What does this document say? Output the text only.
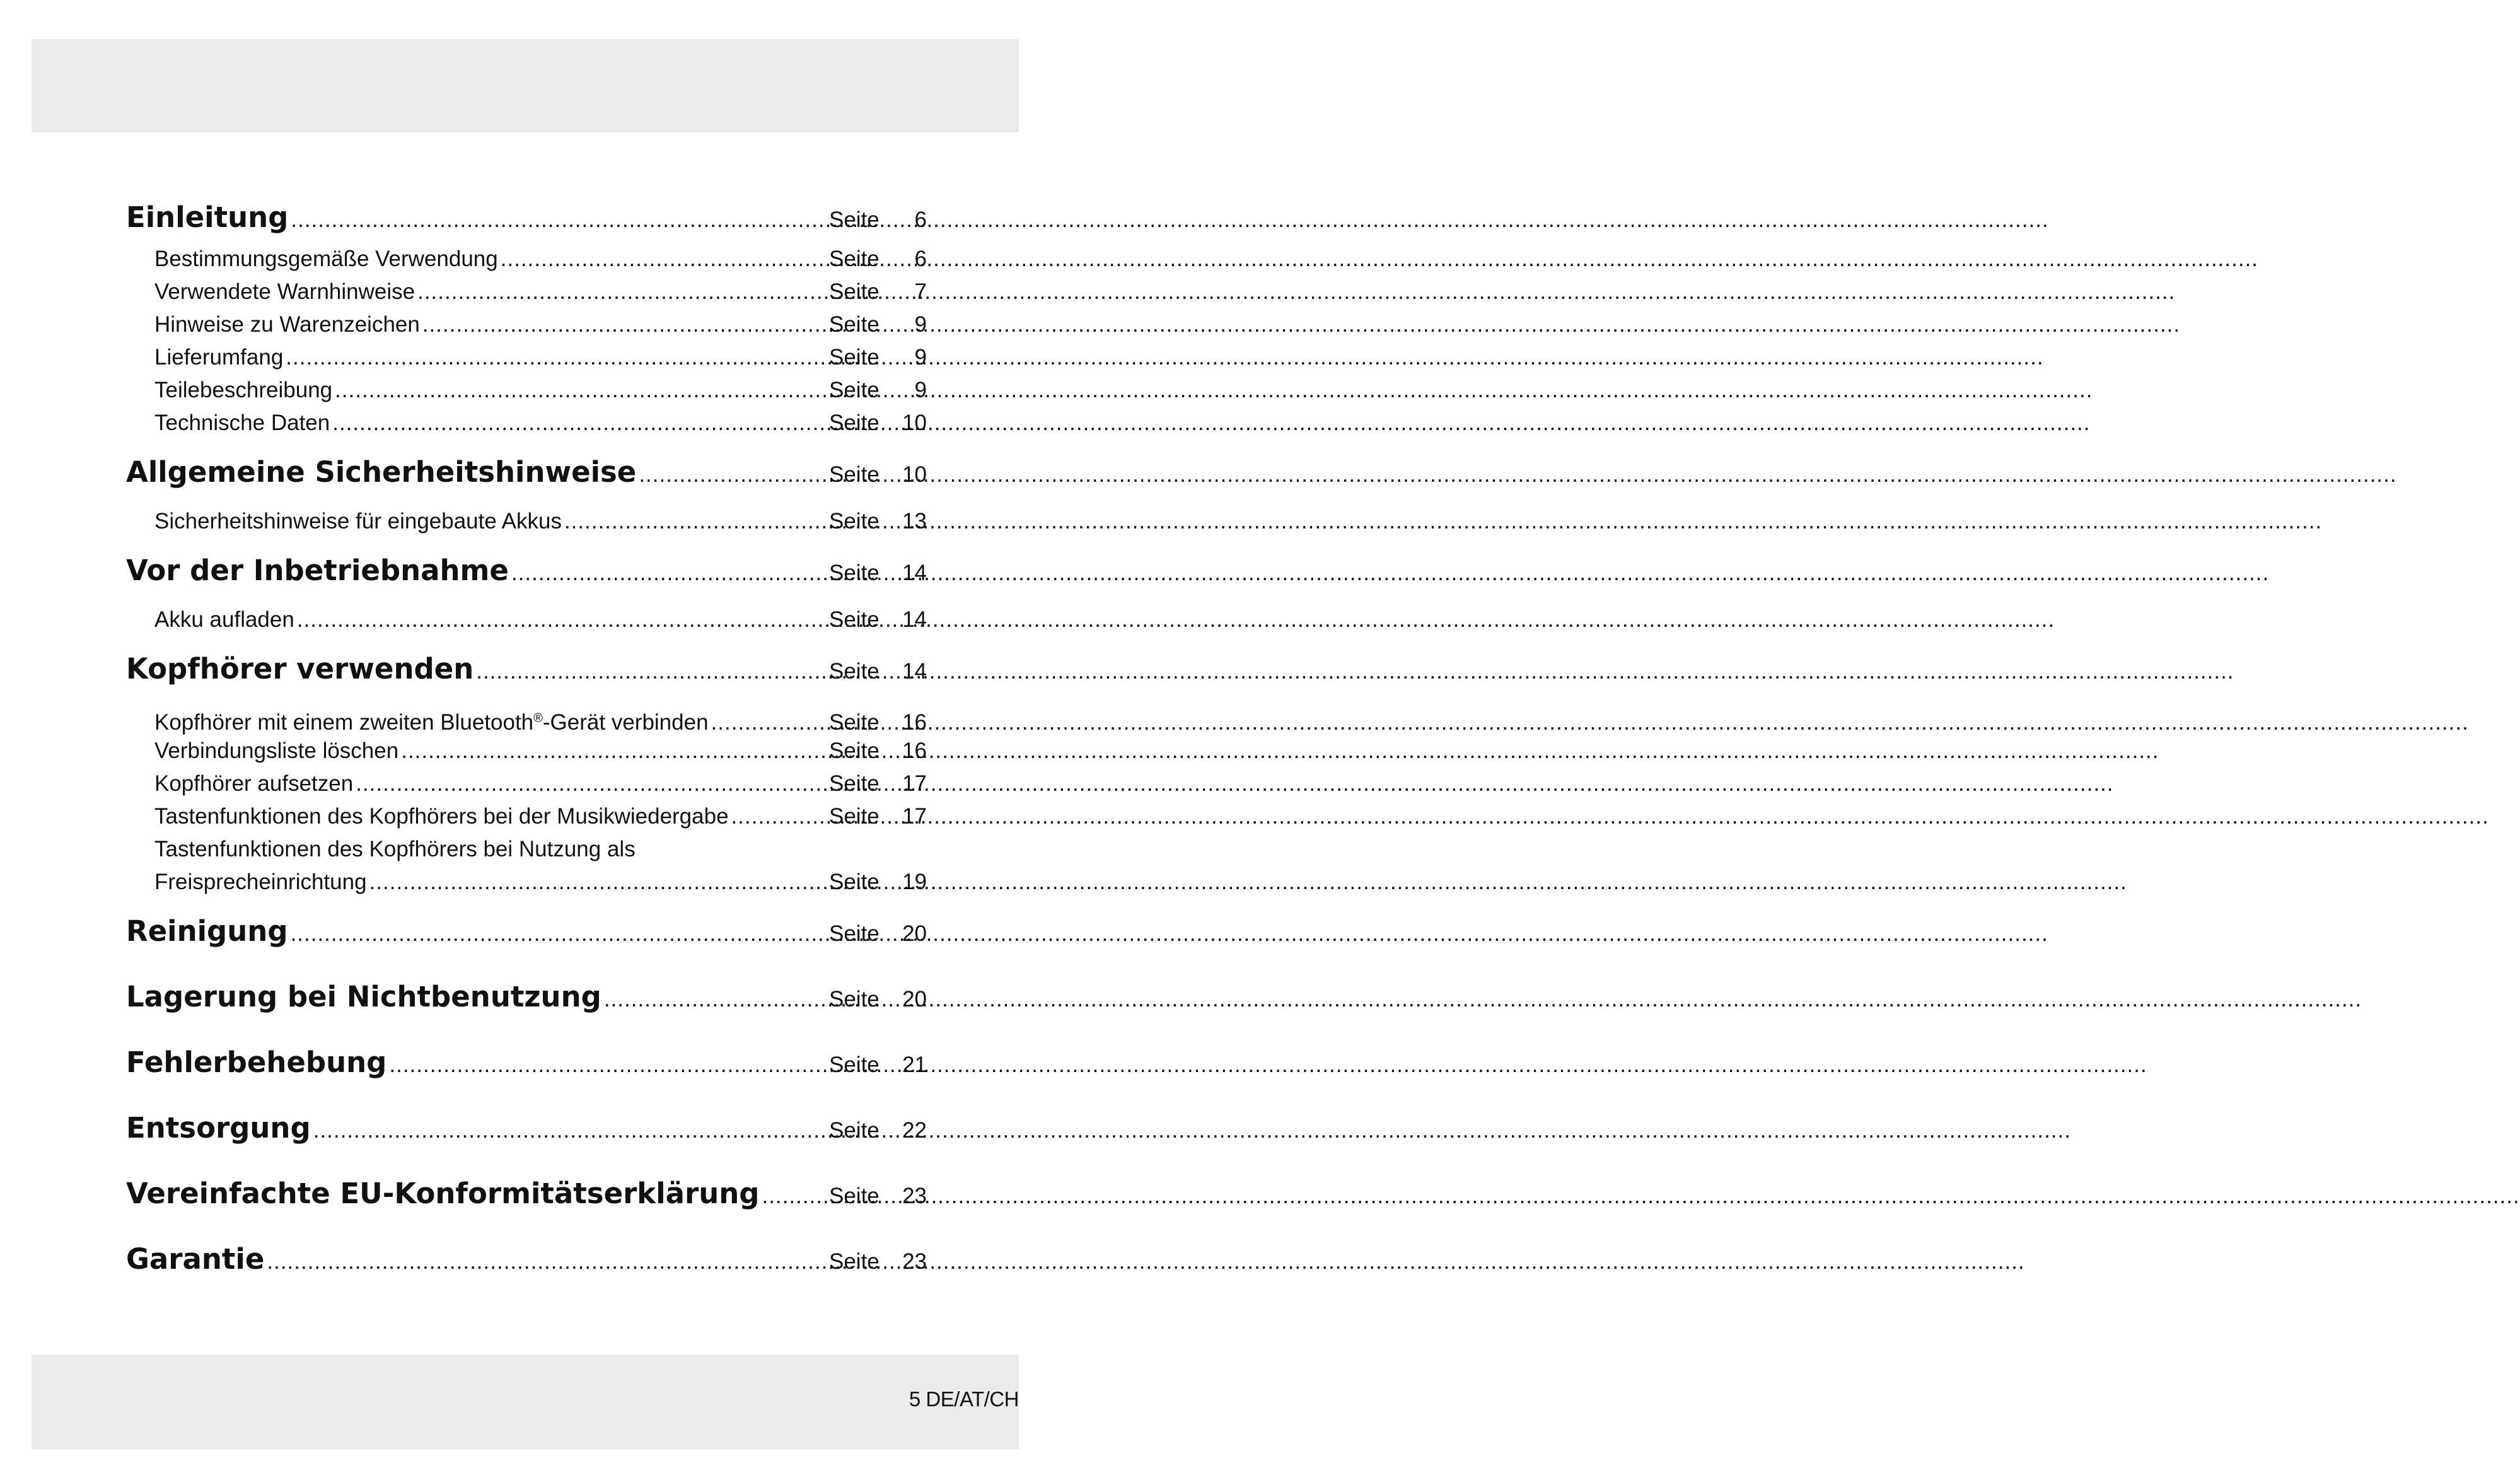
Einleitung .....	Seite	6
Bestimmungsgemäße Verwendung .....	Seite	6
Verwendete Warnhinweise .....	Seite	7
Hinweise zu Warenzeichen .....	Seite	9
Lieferumfang .....	Seite	9
Teilebeschreibung .....	Seite	9
Technische Daten .....	Seite	10
Allgemeine Sicherheitshinweise .....	Seite	10
Sicherheitshinweise für eingebaute Akkus .....	Seite	13
Vor der Inbetriebnahme .....	Seite	14
Akku aufladen .....	Seite	14
Kopfhörer verwenden .....	Seite	14
Kopfhörer mit einem zweiten Bluetooth®-Gerät verbinden .....	Seite	16
Verbindungsliste löschen .....	Seite	16
Kopfhörer aufsetzen .....	Seite	17
Tastenfunktionen des Kopfhörers bei der Musikwiedergabe .....	Seite	17
Tastenfunktionen des Kopfhörers bei Nutzung als
Freisprecheinrichtung .....	Seite	19
Reinigung .....	Seite	20
Lagerung bei Nichtbenutzung .....	Seite	20
Fehlerbehebung .....	Seite	21
Entsorgung .....	Seite	22
Vereinfachte EU-Konformitätserklärung .....	Seite	23
Garantie .....	Seite	23
5 DE/AT/CH
